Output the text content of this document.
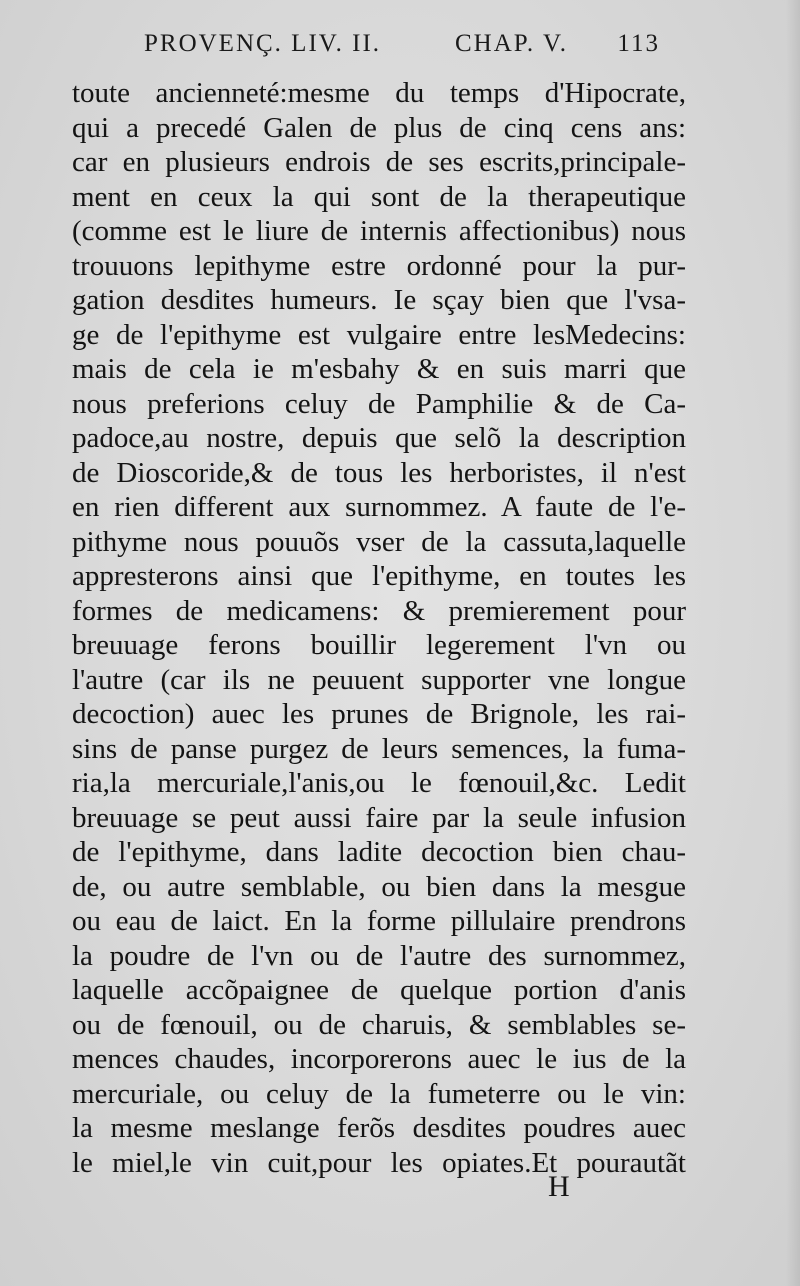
PROVENÇ. LIV. II.	CHAP. V. 113
toute ancienneté:mesme du temps d'Hipocrate,
qui a precedé Galen de plus de cinq cens ans:
car en plusieurs endrois de ses escrits,principale-
ment en ceux la qui sont de la therapeutique
(comme est le liure de internis affectionibus) nous
trouuons lepithyme estre ordonné pour la pur-
gation desdites humeurs. Ie sçay bien que l'vsa-
ge de l'epithyme est vulgaire entre lesMedecins:
mais de cela ie m'esbahy & en suis marri que
nous preferions celuy de Pamphilie & de Ca-
padoce,au nostre, depuis que selõ la description
de Dioscoride,& de tous les herboristes, il n'est
en rien different aux surnommez. A faute de l'e-
pithyme nous pouuõs vser de la cassuta,laquelle
appresterons ainsi que l'epithyme, en toutes les
formes de medicamens: & premierement pour
breuuage ferons bouillir legerement l'vn ou
l'autre (car ils ne peuuent supporter vne longue
decoction) auec les prunes de Brignole, les rai-
sins de panse purgez de leurs semences, la fuma-
ria,la mercuriale,l'anis,ou le fœnouil,&c. Ledit
breuuage se peut aussi faire par la seule infusion
de l'epithyme, dans ladite decoction bien chau-
de, ou autre semblable, ou bien dans la mesgue
ou eau de laict. En la forme pillulaire prendrons
la poudre de l'vn ou de l'autre des surnommez,
laquelle accõpaignee de quelque portion d'anis
ou de fœnouil, ou de charuis, & semblables se-
mences chaudes, incorporerons auec le ius de la
mercuriale, ou celuy de la fumeterre ou le vin:
la mesme meslange ferõs desdites poudres auec
le miel,le vin cuit,pour les opiates.Et pourautãt
H
